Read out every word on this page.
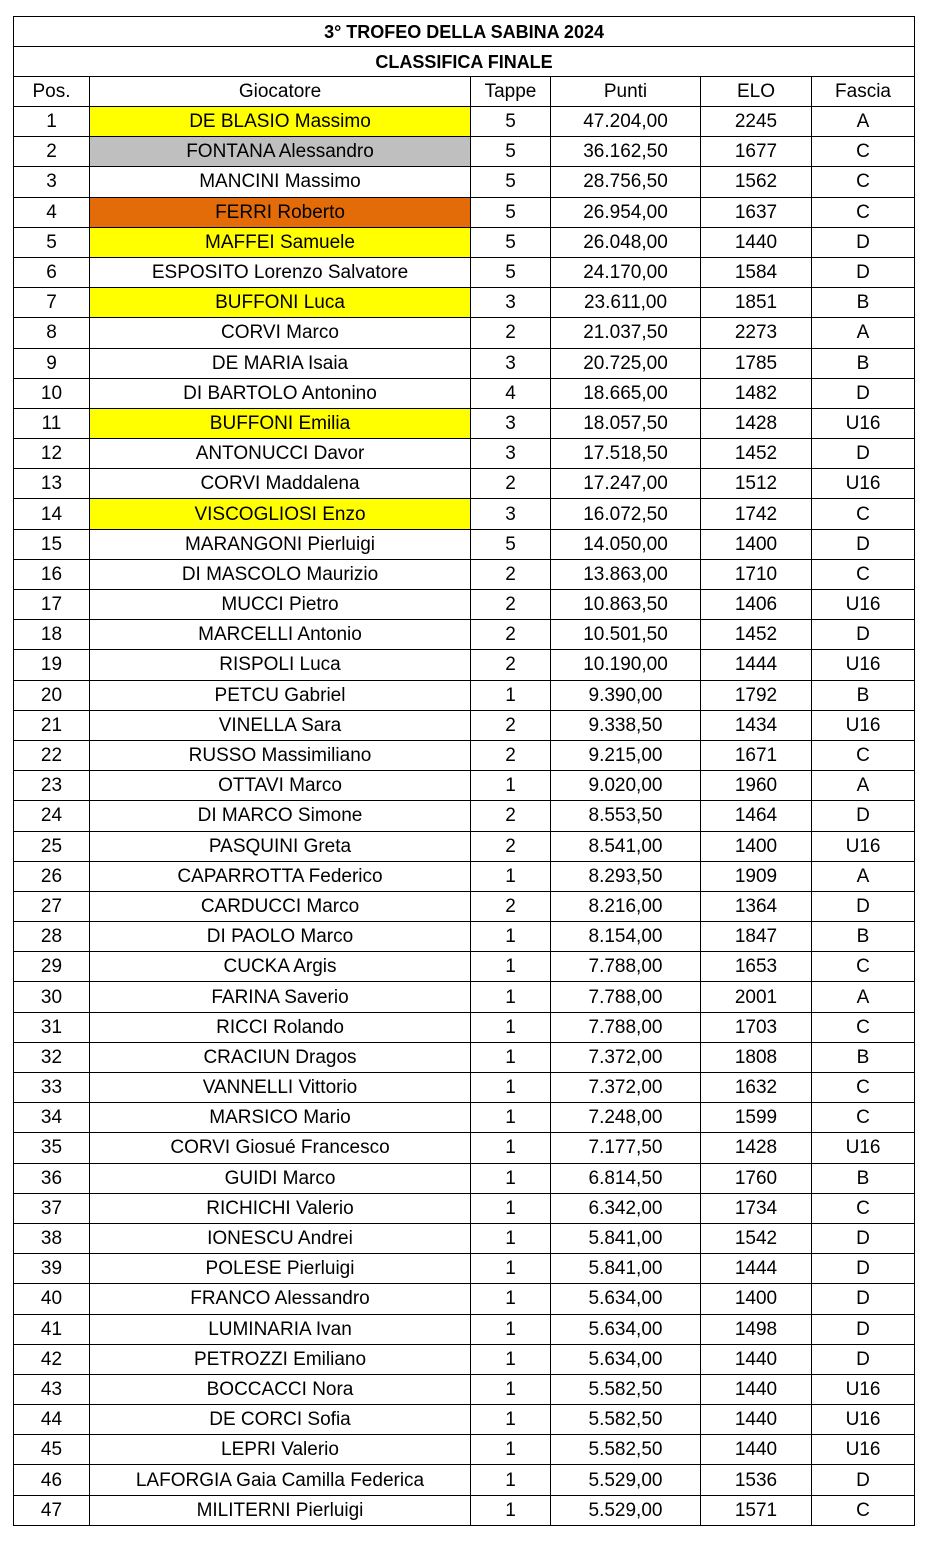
3° TROFEO DELLA SABINA 2024					
CLASSIFICA FINALE					
Pos.	Giocatore	Tappe	Punti	ELO	Fascia
1	DE BLASIO Massimo	5	47.204,00	2245	A
2	FONTANA Alessandro	5	36.162,50	1677	C
3	MANCINI Massimo	5	28.756,50	1562	C
4	FERRI Roberto	5	26.954,00	1637	C
5	MAFFEI Samuele	5	26.048,00	1440	D
6	ESPOSITO Lorenzo Salvatore	5	24.170,00	1584	D
7	BUFFONI Luca	3	23.611,00	1851	B
8	CORVI Marco	2	21.037,50	2273	A
9	DE MARIA Isaia	3	20.725,00	1785	B
10	DI BARTOLO Antonino	4	18.665,00	1482	D
11	BUFFONI Emilia	3	18.057,50	1428	U16
12	ANTONUCCI Davor	3	17.518,50	1452	D
13	CORVI Maddalena	2	17.247,00	1512	U16
14	VISCOGLIOSI Enzo	3	16.072,50	1742	C
15	MARANGONI Pierluigi	5	14.050,00	1400	D
16	DI MASCOLO Maurizio	2	13.863,00	1710	C
17	MUCCI Pietro	2	10.863,50	1406	U16
18	MARCELLI Antonio	2	10.501,50	1452	D
19	RISPOLI Luca	2	10.190,00	1444	U16
20	PETCU Gabriel	1	9.390,00	1792	B
21	VINELLA Sara	2	9.338,50	1434	U16
22	RUSSO Massimiliano	2	9.215,00	1671	C
23	OTTAVI Marco	1	9.020,00	1960	A
24	DI MARCO Simone	2	8.553,50	1464	D
25	PASQUINI Greta	2	8.541,00	1400	U16
26	CAPARROTTA Federico	1	8.293,50	1909	A
27	CARDUCCI Marco	2	8.216,00	1364	D
28	DI PAOLO Marco	1	8.154,00	1847	B
29	CUCKA Argis	1	7.788,00	1653	C
30	FARINA Saverio	1	7.788,00	2001	A
31	RICCI Rolando	1	7.788,00	1703	C
32	CRACIUN Dragos	1	7.372,00	1808	B
33	VANNELLI Vittorio	1	7.372,00	1632	C
34	MARSICO Mario	1	7.248,00	1599	C
35	CORVI Giosué Francesco	1	7.177,50	1428	U16
36	GUIDI Marco	1	6.814,50	1760	B
37	RICHICHI Valerio	1	6.342,00	1734	C
38	IONESCU Andrei	1	5.841,00	1542	D
39	POLESE Pierluigi	1	5.841,00	1444	D
40	FRANCO Alessandro	1	5.634,00	1400	D
41	LUMINARIA Ivan	1	5.634,00	1498	D
42	PETROZZI Emiliano	1	5.634,00	1440	D
43	BOCCACCI Nora	1	5.582,50	1440	U16
44	DE CORCI Sofia	1	5.582,50	1440	U16
45	LEPRI Valerio	1	5.582,50	1440	U16
46	LAFORGIA Gaia Camilla Federica	1	5.529,00	1536	D
47	MILITERNI Pierluigi	1	5.529,00	1571	C
